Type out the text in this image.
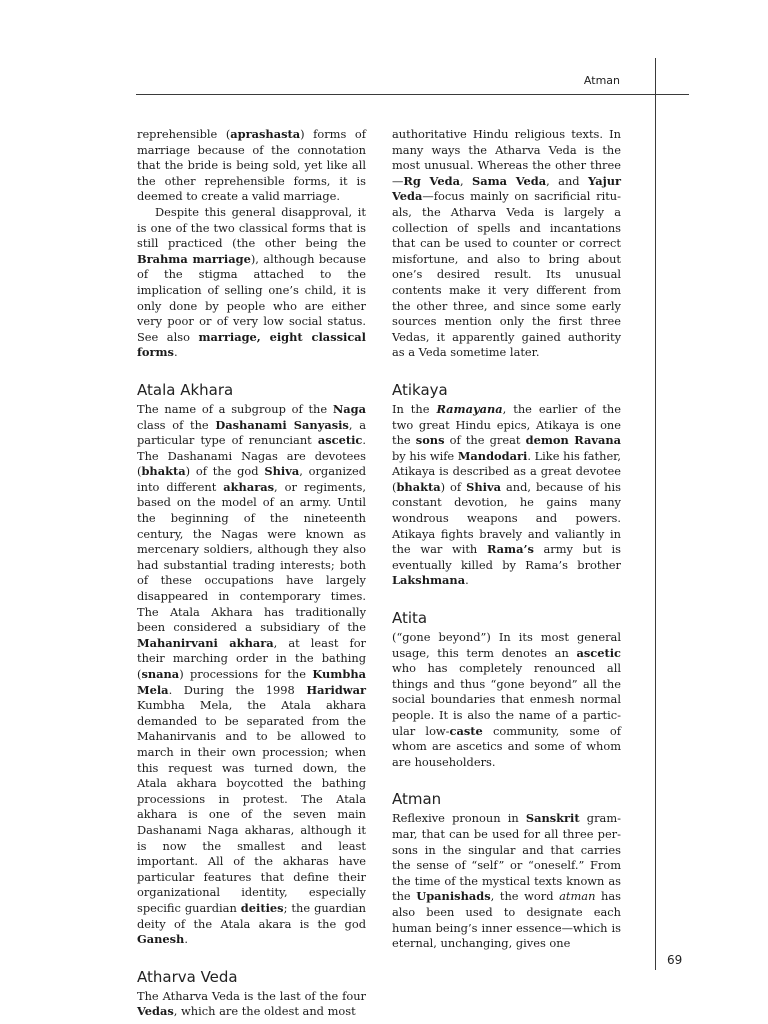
Atman

reprehensible (aprashasta) forms of marriage because of the connotation that the bride is being sold, yet like all the other reprehensible forms, it is deemed to create a valid marriage.

Despite this general disapproval, it is one of the two classical forms that is still practiced (the other being the Brahma marriage), although because of the stigma attached to the implication of selling one’s child, it is only done by people who are either very poor or of very low social status. See also marriage, eight classical forms.

Atala Akhara

The name of a subgroup of the Naga class of the Dashanami Sanyasis, a particular type of renunciant ascetic. The Dashanami Nagas are devotees (bhakta) of the god Shiva, organized into different akharas, or regiments, based on the model of an army. Until the beginning of the nineteenth century, the Nagas were known as mercenary soldiers, although they also had substantial trading interests; both of these occupations have largely disappeared in contemporary times. The Atala Akhara has traditionally been considered a subsidiary of the Mahanirvani akhara, at least for their marching order in the bathing (snana) processions for the Kumbha Mela. During the 1998 Haridwar Kumbha Mela, the Atala akhara demanded to be separated from the Mahanirvanis and to be allowed to march in their own procession; when this request was turned down, the Atala akhara boycotted the bathing processions in protest. The Atala akhara is one of the seven main Dashanami Naga akharas, although it is now the smallest and least important. All of the akharas have particular features that define their organizational identity, especially specific guardian deities; the guardian deity of the Atala akara is the god Ganesh.

Atharva Veda

The Atharva Veda is the last of the four Vedas, which are the oldest and most

authoritative Hindu religious texts. In many ways the Atharva Veda is the most unusual. Whereas the other three—Rg Veda, Sama Veda, and Yajur Veda—focus mainly on sacrificial rituals, the Atharva Veda is largely a collection of spells and incantations that can be used to counter or correct misfortune, and also to bring about one’s desired result. Its unusual contents make it very different from the other three, and since some early sources mention only the first three Vedas, it apparently gained authority as a Veda sometime later.

Atikaya

In the Ramayana, the earlier of the two great Hindu epics, Atikaya is one the sons of the great demon Ravana by his wife Mandodari. Like his father, Atikaya is described as a great devotee (bhakta) of Shiva and, because of his constant devotion, he gains many wondrous weapons and powers. Atikaya fights bravely and valiantly in the war with Rama’s army but is eventually killed by Rama’s brother Lakshmana.

Atita

(“gone beyond”) In its most general usage, this term denotes an ascetic who has completely renounced all things and thus “gone beyond” all the social boundaries that enmesh normal people. It is also the name of a particular low-caste community, some of whom are ascetics and some of whom are householders.

Atman

Reflexive pronoun in Sanskrit grammar, that can be used for all three persons in the singular and that carries the sense of “self” or “oneself.” From the time of the mystical texts known as the Upanishads, the word atman has also been used to designate each human being’s inner essence—which is eternal, unchanging, gives one

69
